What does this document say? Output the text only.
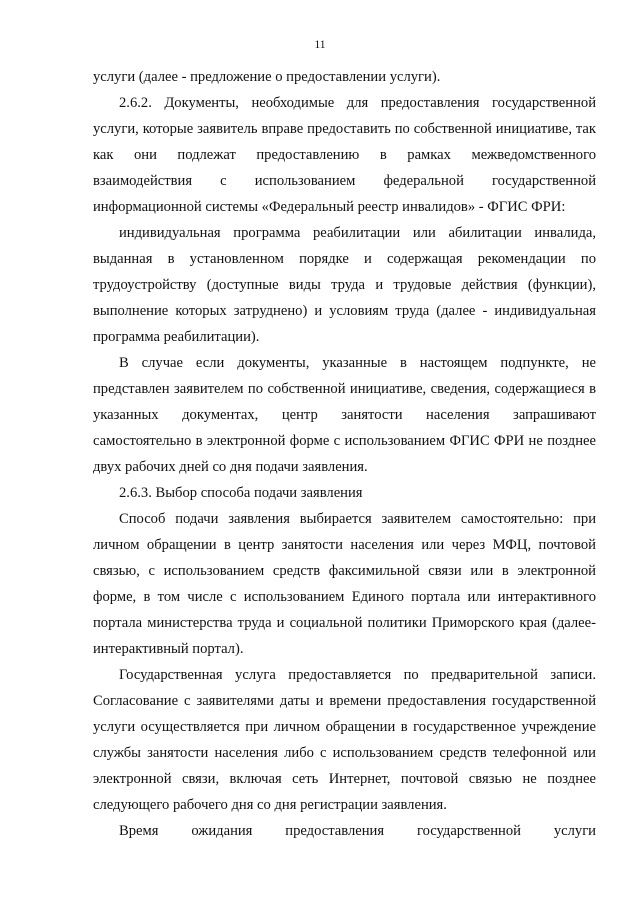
11

услуги (далее - предложение о предоставлении услуги).

2.6.2. Документы, необходимые для предоставления государственной услуги, которые заявитель вправе предоставить по собственной инициативе, так как они подлежат предоставлению в рамках межведомственного взаимодействия с использованием федеральной государственной информационной системы «Федеральный реестр инвалидов» - ФГИС ФРИ:

индивидуальная программа реабилитации или абилитации инвалида, выданная в установленном порядке и содержащая рекомендации по трудоустройству (доступные виды труда и трудовые действия (функции), выполнение которых затруднено) и условиям труда (далее - индивидуальная программа реабилитации).

В случае если документы, указанные в настоящем подпункте, не представлен заявителем по собственной инициативе, сведения, содержащиеся в указанных документах, центр занятости населения запрашивают самостоятельно в электронной форме с использованием ФГИС ФРИ не позднее двух рабочих дней со дня подачи заявления.

2.6.3. Выбор способа подачи заявления

Способ подачи заявления выбирается заявителем самостоятельно: при личном обращении в центр занятости населения или через МФЦ, почтовой связью, с использованием средств факсимильной связи или в электронной форме, в том числе с использованием Единого портала или интерактивного портала министерства труда и социальной политики Приморского края (далее-интерактивный портал).

Государственная услуга предоставляется по предварительной записи. Согласование с заявителями даты и времени предоставления государственной услуги осуществляется при личном обращении в государственное учреждение службы занятости населения либо с использованием средств телефонной или электронной связи, включая сеть Интернет, почтовой связью не позднее следующего рабочего дня со дня регистрации заявления.

Время ожидания предоставления государственной услуги
